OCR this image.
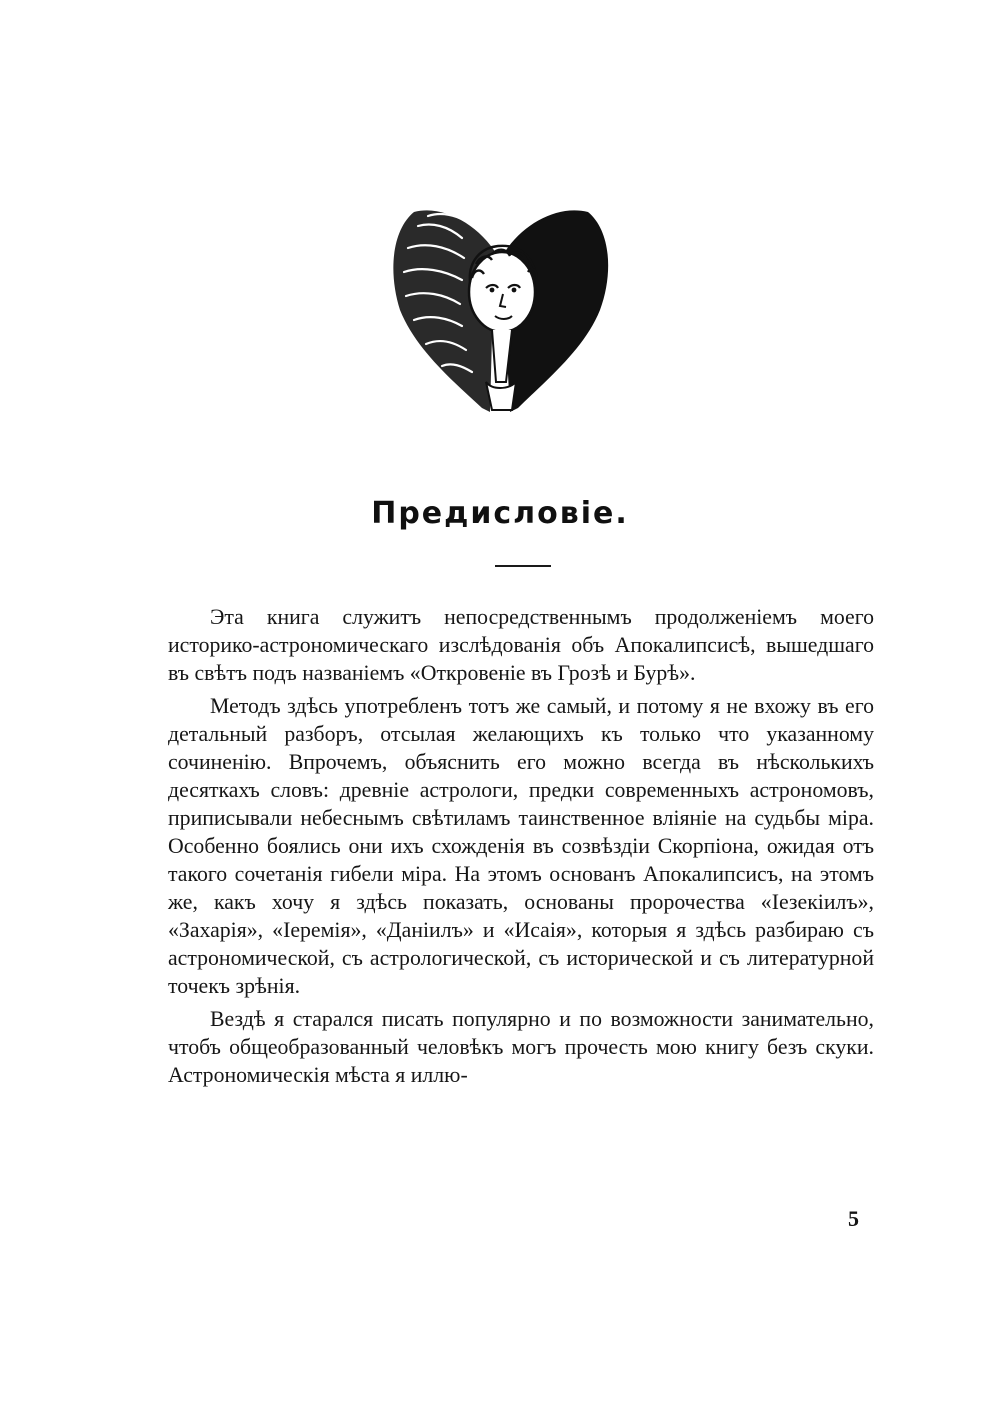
Предисловіе.

Эта книга служитъ непосредственнымъ продолженіемъ моего историко-астрономическаго изслѣдованія объ Апокалипсисѣ, вышедшаго въ свѣтъ подъ названіемъ «Откровеніе въ Грозѣ и Бурѣ».

Методъ здѣсь употребленъ тотъ же самый, и потому я не вхожу въ его детальный разборъ, отсылая желающихъ къ только что указанному сочиненію. Впрочемъ, объяснить его можно всегда въ нѣсколькихъ десяткахъ словъ: древніе астрологи, предки современныхъ астрономовъ, приписывали небеснымъ свѣтиламъ таинственное вліяніе на судьбы міра. Особенно боялись они ихъ схожденія въ созвѣздіи Скорпіона, ожидая отъ такого сочетанія гибели міра. На этомъ основанъ Апокалипсисъ, на этомъ же, какъ хочу я здѣсь показать, основаны пророчества «Іезекіилъ», «Захарія», «Іеремія», «Даніилъ» и «Исаія», которыя я здѣсь разбираю съ астрономической, съ астрологической, съ исторической и съ литературной точекъ зрѣнія.

Вездѣ я старался писать популярно и по возможности занимательно, чтобъ общеобразованный человѣкъ могъ прочесть мою книгу безъ скуки. Астрономическія мѣста я иллю-

5
